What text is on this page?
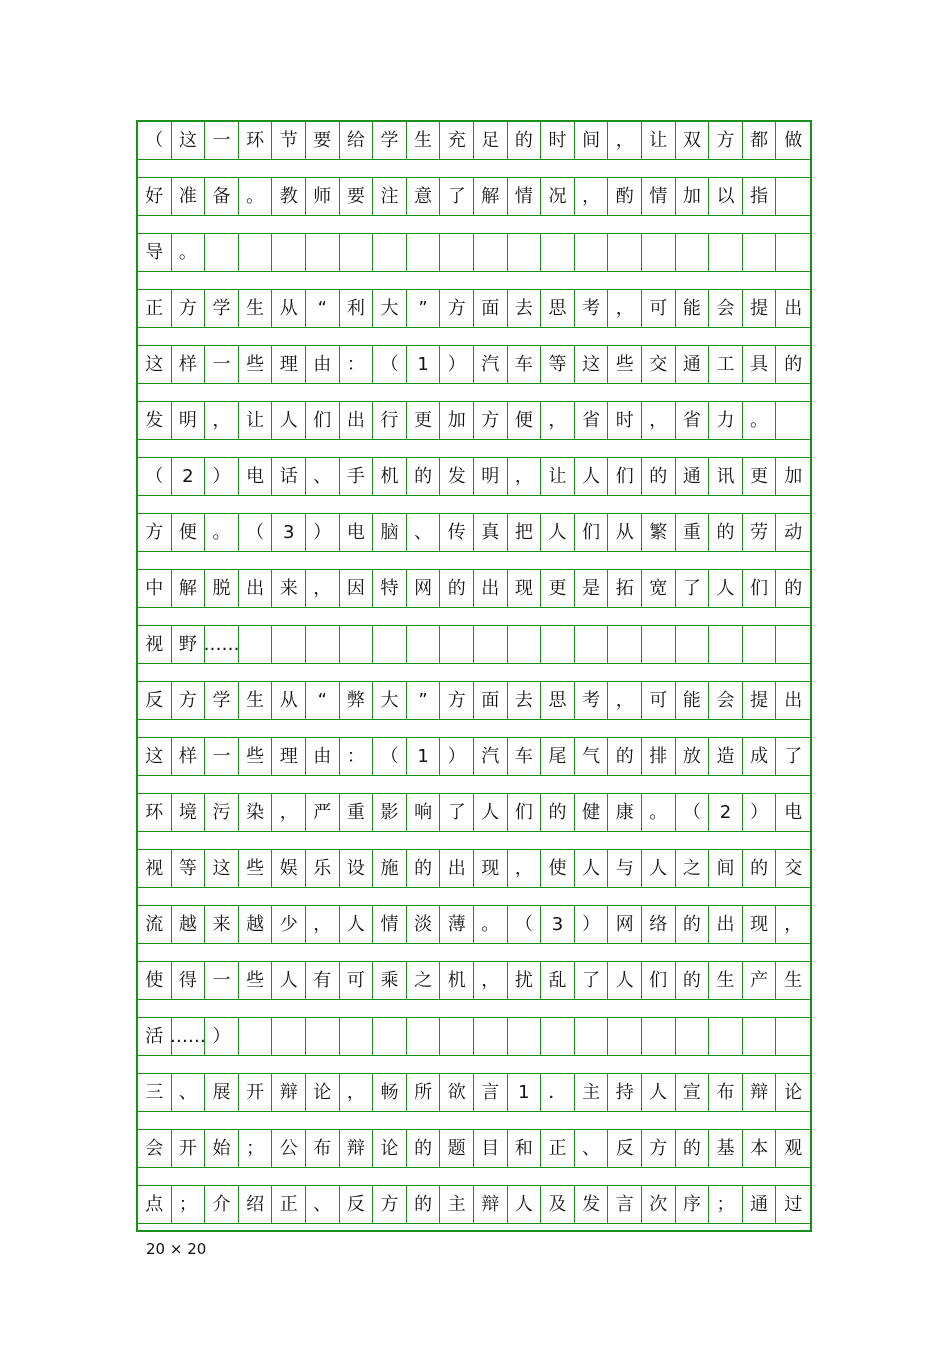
（ 这 一 环 节 要 给 学 生 充 足 的 时 间 ， 让 双 方 都 做
好 准 备 。 教 师 要 注 意 了 解 情 况 ， 酌 情 加 以 指
导 。
正 方 学 生 从	“	利 大	”	方 面 去 思 考 ， 可 能 会 提 出
这 样 一 些 理 由 ： （	1	） 汽 车 等 这 些 交 通 工 具 的
发 明 ， 让 人 们 出 行 更 加 方 便 ， 省 时 ， 省 力 。
（	2	） 电 话 、 手 机 的 发 明 ， 让 人 们 的 通 讯 更 加
方 便 。 （	3	） 电 脑 、 传 真 把 人 们 从 繁 重 的 劳 动
中 解 脱 出 来 ， 因 特 网 的 出 现 更 是 拓 宽 了 人 们 的
视 野 ……
反 方 学 生 从	“	弊 大	”	方 面 去 思 考 ， 可 能 会 提 出
这 样 一 些 理 由 ： （	1	） 汽 车 尾 气 的 排 放 造 成 了
环 境 污 染 ， 严 重 影 响 了 人 们 的 健 康 。 （	2	） 电
视 等 这 些 娱 乐 设 施 的 出 现 ， 使 人 与 人 之 间 的 交
流 越 来 越 少 ， 人 情 淡 薄 。 （	3	） 网 络 的 出 现 ，
使 得 一 些 人 有 可 乘 之 机 ， 扰 乱 了 人 们 的 生 产 生
活 …… ）
三 、 展 开 辩 论 ， 畅 所 欲 言	1	． 主 持 人 宣 布 辩 论
会 开 始 ； 公 布 辩 论 的 题 目 和 正 、 反 方 的 基 本 观
点 ； 介 绍 正 、 反 方 的 主 辩 人 及 发 言 次 序 ； 通 过
20 × 20
